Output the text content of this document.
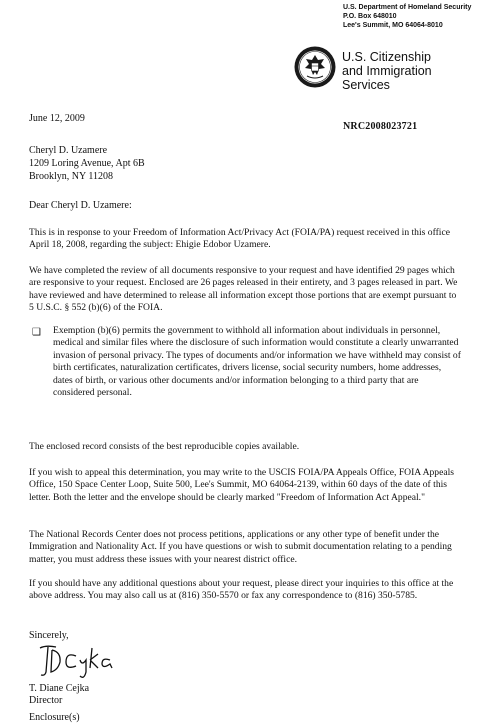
U.S. Department of Homeland Security
P.O. Box 648010
Lee's Summit, MO 64064-8010
U.S. Citizenship
and Immigration
Services
June 12, 2009
NRC2008023721
Cheryl D. Uzamere
1209 Loring Avenue, Apt 6B
Brooklyn, NY 11208
Dear Cheryl D. Uzamere:

This is in response to your Freedom of Information Act/Privacy Act (FOIA/PA) request received in this office April 18, 2008, regarding the subject: Ehigie Edobor Uzamere.

We have completed the review of all documents responsive to your request and have identified 29 pages which are responsive to your request. Enclosed are 26 pages released in their entirety, and 3 pages released in part. We have reviewed and have determined to release all information except those portions that are exempt pursuant to 5 U.S.C. § 552 (b)(6) of the FOIA.

❑ Exemption (b)(6) permits the government to withhold all information about individuals in personnel, medical and similar files where the disclosure of such information would constitute a clearly unwarranted invasion of personal privacy. The types of documents and/or information we have withheld may consist of birth certificates, naturalization certificates, drivers license, social security numbers, home addresses, dates of birth, or various other documents and/or information belonging to a third party that are considered personal.

The enclosed record consists of the best reproducible copies available.

If you wish to appeal this determination, you may write to the USCIS FOIA/PA Appeals Office, FOIA Appeals Office, 150 Space Center Loop, Suite 500, Lee's Summit, MO 64064-2139, within 60 days of the date of this letter. Both the letter and the envelope should be clearly marked "Freedom of Information Act Appeal."

The National Records Center does not process petitions, applications or any other type of benefit under the Immigration and Nationality Act. If you have questions or wish to submit documentation relating to a pending matter, you must address these issues with your nearest district office.

If you should have any additional questions about your request, please direct your inquiries to this office at the above address. You may also call us at (816) 350-5570 or fax any correspondence to (816) 350-5785.

Sincerely,
T. Diane Cejka
Director
Enclosure(s)
